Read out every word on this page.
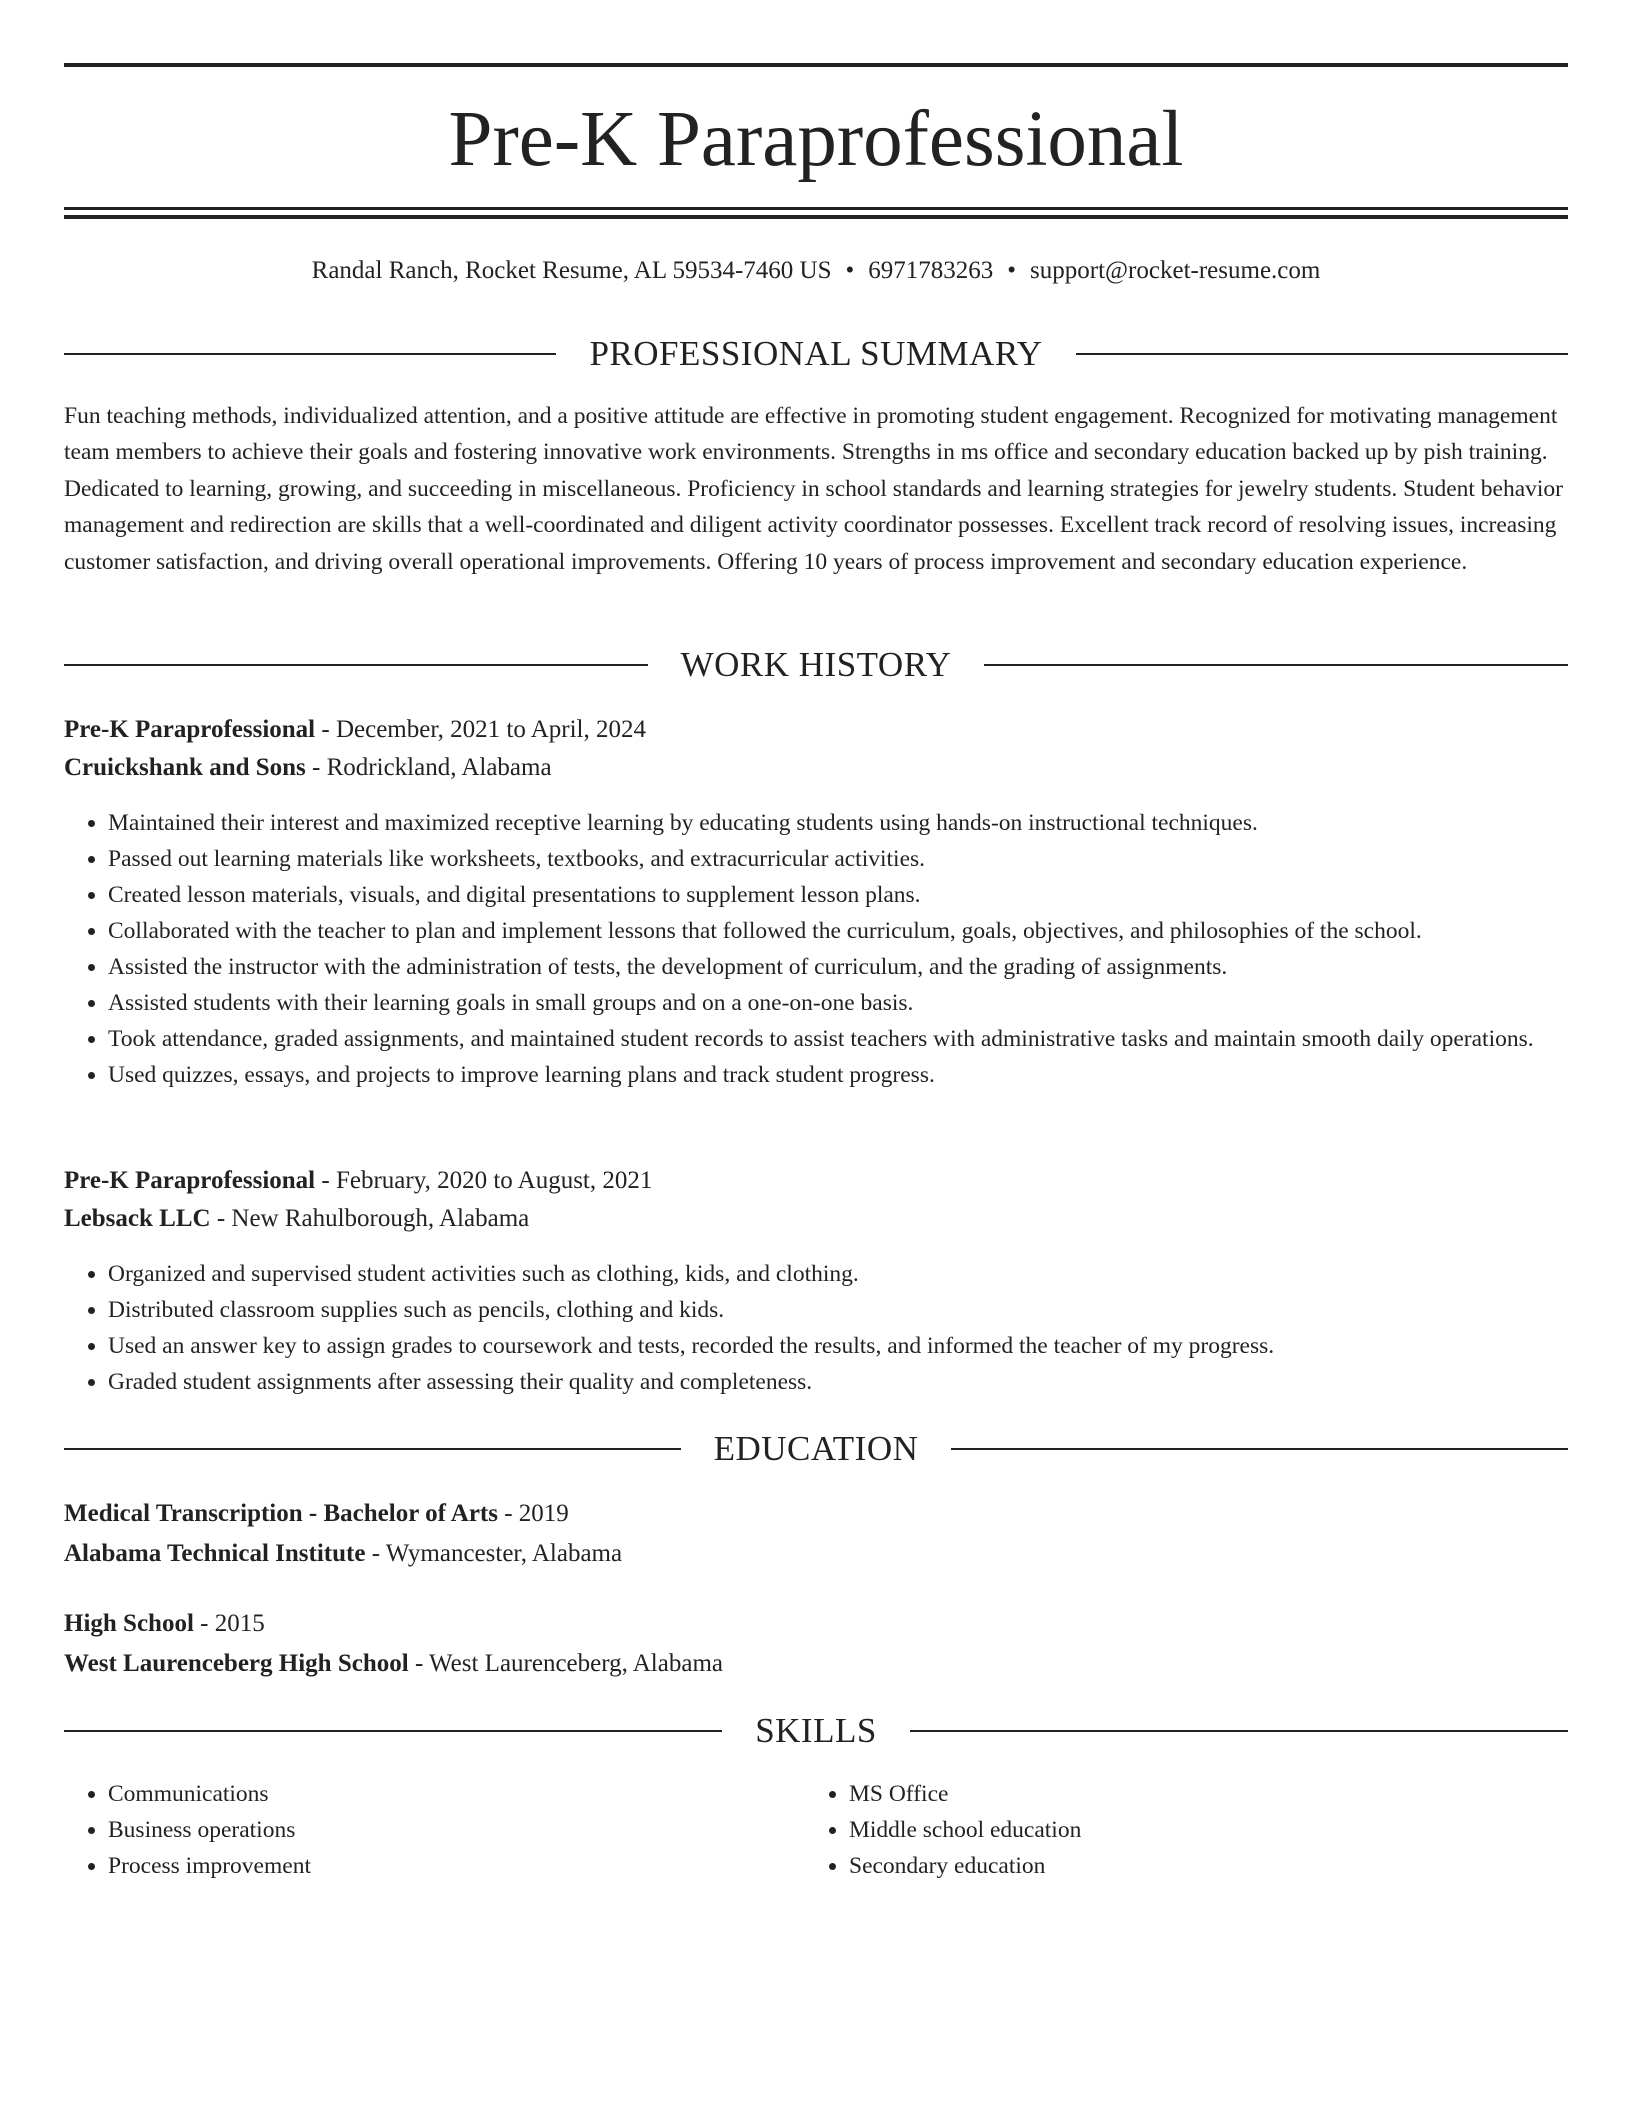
Pre-K Paraprofessional
Randal Ranch, Rocket Resume, AL 59534-7460 US • 6971783263 • support@rocket-resume.com
PROFESSIONAL SUMMARY

Fun teaching methods, individualized attention, and a positive attitude are effective in promoting student engagement. Recognized for motivating management team members to achieve their goals and fostering innovative work environments. Strengths in ms office and secondary education backed up by pish training. Dedicated to learning, growing, and succeeding in miscellaneous. Proficiency in school standards and learning strategies for jewelry students. Student behavior management and redirection are skills that a well-coordinated and diligent activity coordinator possesses. Excellent track record of resolving issues, increasing customer satisfaction, and driving overall operational improvements. Offering 10 years of process improvement and secondary education experience.

WORK HISTORY
Pre-K Paraprofessional - December, 2021 to April, 2024
Cruickshank and Sons - Rodrickland, Alabama
• Maintained their interest and maximized receptive learning by educating students using hands-on instructional techniques.
• Passed out learning materials like worksheets, textbooks, and extracurricular activities.
• Created lesson materials, visuals, and digital presentations to supplement lesson plans.
• Collaborated with the teacher to plan and implement lessons that followed the curriculum, goals, objectives, and philosophies of the school.
• Assisted the instructor with the administration of tests, the development of curriculum, and the grading of assignments.
• Assisted students with their learning goals in small groups and on a one-on-one basis.
• Took attendance, graded assignments, and maintained student records to assist teachers with administrative tasks and maintain smooth daily operations.
• Used quizzes, essays, and projects to improve learning plans and track student progress.
Pre-K Paraprofessional - February, 2020 to August, 2021
Lebsack LLC - New Rahulborough, Alabama
• Organized and supervised student activities such as clothing, kids, and clothing.
• Distributed classroom supplies such as pencils, clothing and kids.
• Used an answer key to assign grades to coursework and tests, recorded the results, and informed the teacher of my progress.
• Graded student assignments after assessing their quality and completeness.
EDUCATION
Medical Transcription - Bachelor of Arts - 2019
Alabama Technical Institute - Wymancester, Alabama
High School - 2015
West Laurenceberg High School - West Laurenceberg, Alabama
SKILLS
• Communications
• Business operations
• Process improvement
• MS Office
• Middle school education
• Secondary education
